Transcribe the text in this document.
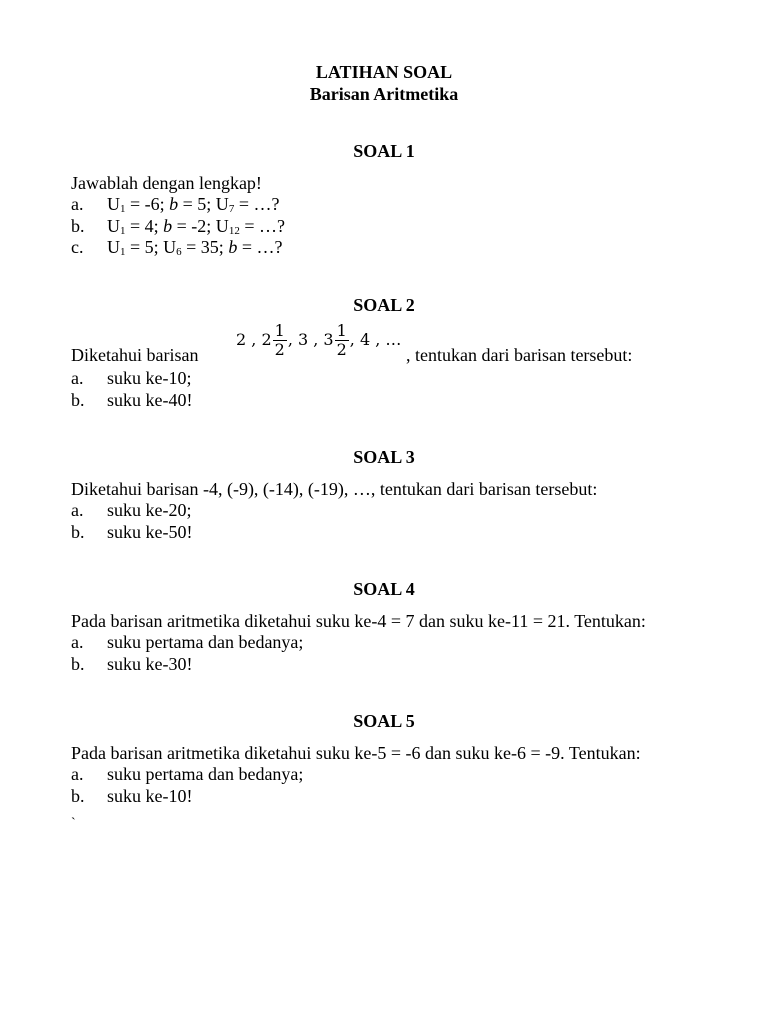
LATIHAN SOAL

Barisan Aritmetika

SOAL 1

Jawablah dengan lengkap!

a.	$U_1 = -6$; b = 5; $U_7$ = …?
b.	$U_1 = 4$; b = -2; $U_{12}$ = …?
c.	$U_1 = 5$; $U_6 = 35$; b = …?

SOAL 2

2 , $2 \frac{1}{2}$ , 3 , $3 \frac{1}{2}$ , 4 , …
Diketahui barisan	, tentukan dari barisan tersebut:
a.	suku ke-10;
b.	suku ke-40!

SOAL 3

Diketahui barisan -4, (-9), (-14), (-19), …, tentukan dari barisan tersebut:

a.	suku ke-20;
b.	suku ke-50!

SOAL 4

Pada barisan aritmetika diketahui suku ke-4 = 7 dan suku ke-11 = 21. Tentukan:

a.	suku pertama dan bedanya;
b.	suku ke-30!

SOAL 5

Pada barisan aritmetika diketahui suku ke-5 = -6 dan suku ke-6 = -9. Tentukan:

a.	suku pertama dan bedanya;
b.	suku ke-10!

`
